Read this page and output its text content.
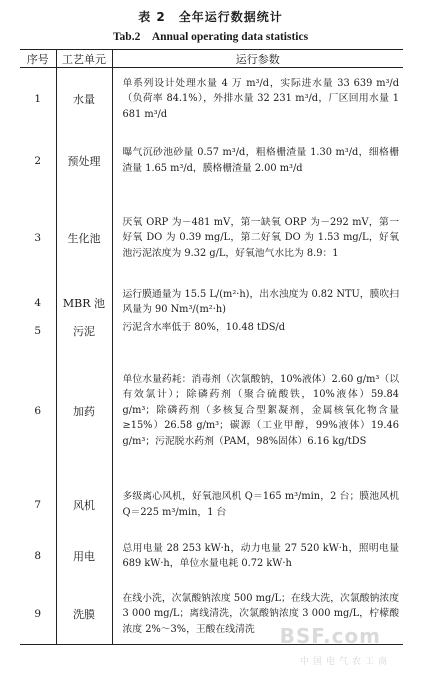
表 2　全年运行数据统计
Tab.2　Annual operating data statistics
序号	工艺单元	运行参数
1	水量	单系列设计处理水量 4 万 m³/d，实际进水量 33 639 m³/d（负荷率 84.1%），外排水量 32 231 m³/d，厂区回用水量 1 681 m³/d
2	预处理	曝气沉砂池砂量 0.57 m³/d，粗格栅渣量 1.30 m³/d，细格栅渣量 1.65 m³/d，膜格栅渣量 2.00 m³/d
3	生化池	厌氧 ORP 为－481 mV，第一缺氧 ORP 为－292 mV，第一好氧 DO 为 0.39 mg/L，第二好氧 DO 为 1.53 mg/L，好氧池污泥浓度为 9.32 g/L，好氧池气水比为 8.9：1
4	MBR 池	运行膜通量为 15.5 L/(m²·h)，出水浊度为 0.82 NTU，膜吹扫风量为 90 Nm³/(m²·h)
5	污泥	污泥含水率低于 80%，10.48 tDS/d
6	加药	单位水量药耗：消毒剂（次氯酸钠，10%液体）2.60 g/m³（以有效氯计）；除磷药剂（聚合硫酸铁，10%液体）59.84 g/m³；除磷药剂（多核复合型絮凝剂，金属核氧化物含量≥15%）26.58 g/m³；碳源（工业甲醇，99%液体）19.46 g/m³；污泥脱水药剂（PAM，98%固体）6.16 kg/tDS
7	风机	多级离心风机，好氧池风机 Q＝165 m³/min，2 台；膜池风机 Q＝225 m³/min，1 台
8	用电	总用电量 28 253 kW·h，动力电量 27 520 kW·h，照明电量 689 kW·h，单位水量电耗 0.72 kW·h
9	洗膜	在线小洗，次氯酸钠浓度 500 mg/L；在线大洗，次氯酸钠浓度 3 000 mg/L；离线清洗，次氯酸钠浓度 3 000 mg/L，柠檬酸浓度 2%～3%，王酸在线清洗 BSF.com
中国电气农工商
